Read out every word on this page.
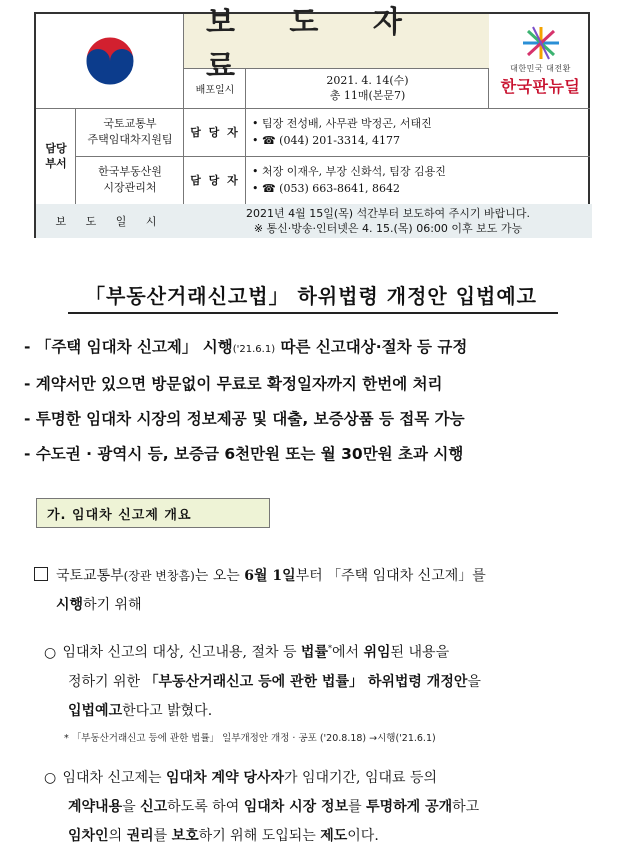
보 도 자 료	대한민국 대전환
한국판뉴딜
배포일시
2021. 4. 14(수)
총 11매(본문7)
담당 부서
국토교통부
주택임대차지원팀
담 당 자
• 팀장 전성배, 사무관 박정곤, 서태진
• ☎ (044) 201-3314, 4177
한국부동산원
시장관리처
담 당 자
• 처장 이재우, 부장 신화석, 팀장 김용진
• ☎ (053) 663-8641, 8642
보 도 일 시
2021년 4월 15일(목) 석간부터 보도하여 주시기 바랍니다.
※ 통신·방송·인터넷은 4. 15.(목) 06:00 이후 보도 가능
「부동산거래신고법」 하위법령 개정안 입법예고
- 「주택 임대차 신고제」 시행('21.6.1) 따른 신고대상·절차 등 규정
- 계약서만 있으면 방문없이 무료로 확정일자까지 한번에 처리
- 투명한 임대차 시장의 정보제공 및 대출, 보증상품 등 접목 가능
- 수도권 · 광역시 등, 보증금 6천만원 또는 월 30만원 초과 시행
가. 임대차 신고제 개요
국토교통부(장관 변창흠)는 오는 6월 1일부터 「주택 임대차 신고제」를
시행하기 위해
○ 임대차 신고의 대상, 신고내용, 절차 등 법률*에서 위임된 내용을
정하기 위한 「부동산거래신고 등에 관한 법률」 하위법령 개정안을
입법예고한다고 밝혔다.
* 「부동산거래신고 등에 관한 법률」 일부개정안 개정 · 공포 ('20.8.18) →시행('21.6.1)
○ 임대차 신고제는 임대차 계약 당사자가 임대기간, 임대료 등의
계약내용을 신고하도록 하여 임대차 시장 정보를 투명하게 공개하고
임차인의 권리를 보호하기 위해 도입되는 제도이다.
